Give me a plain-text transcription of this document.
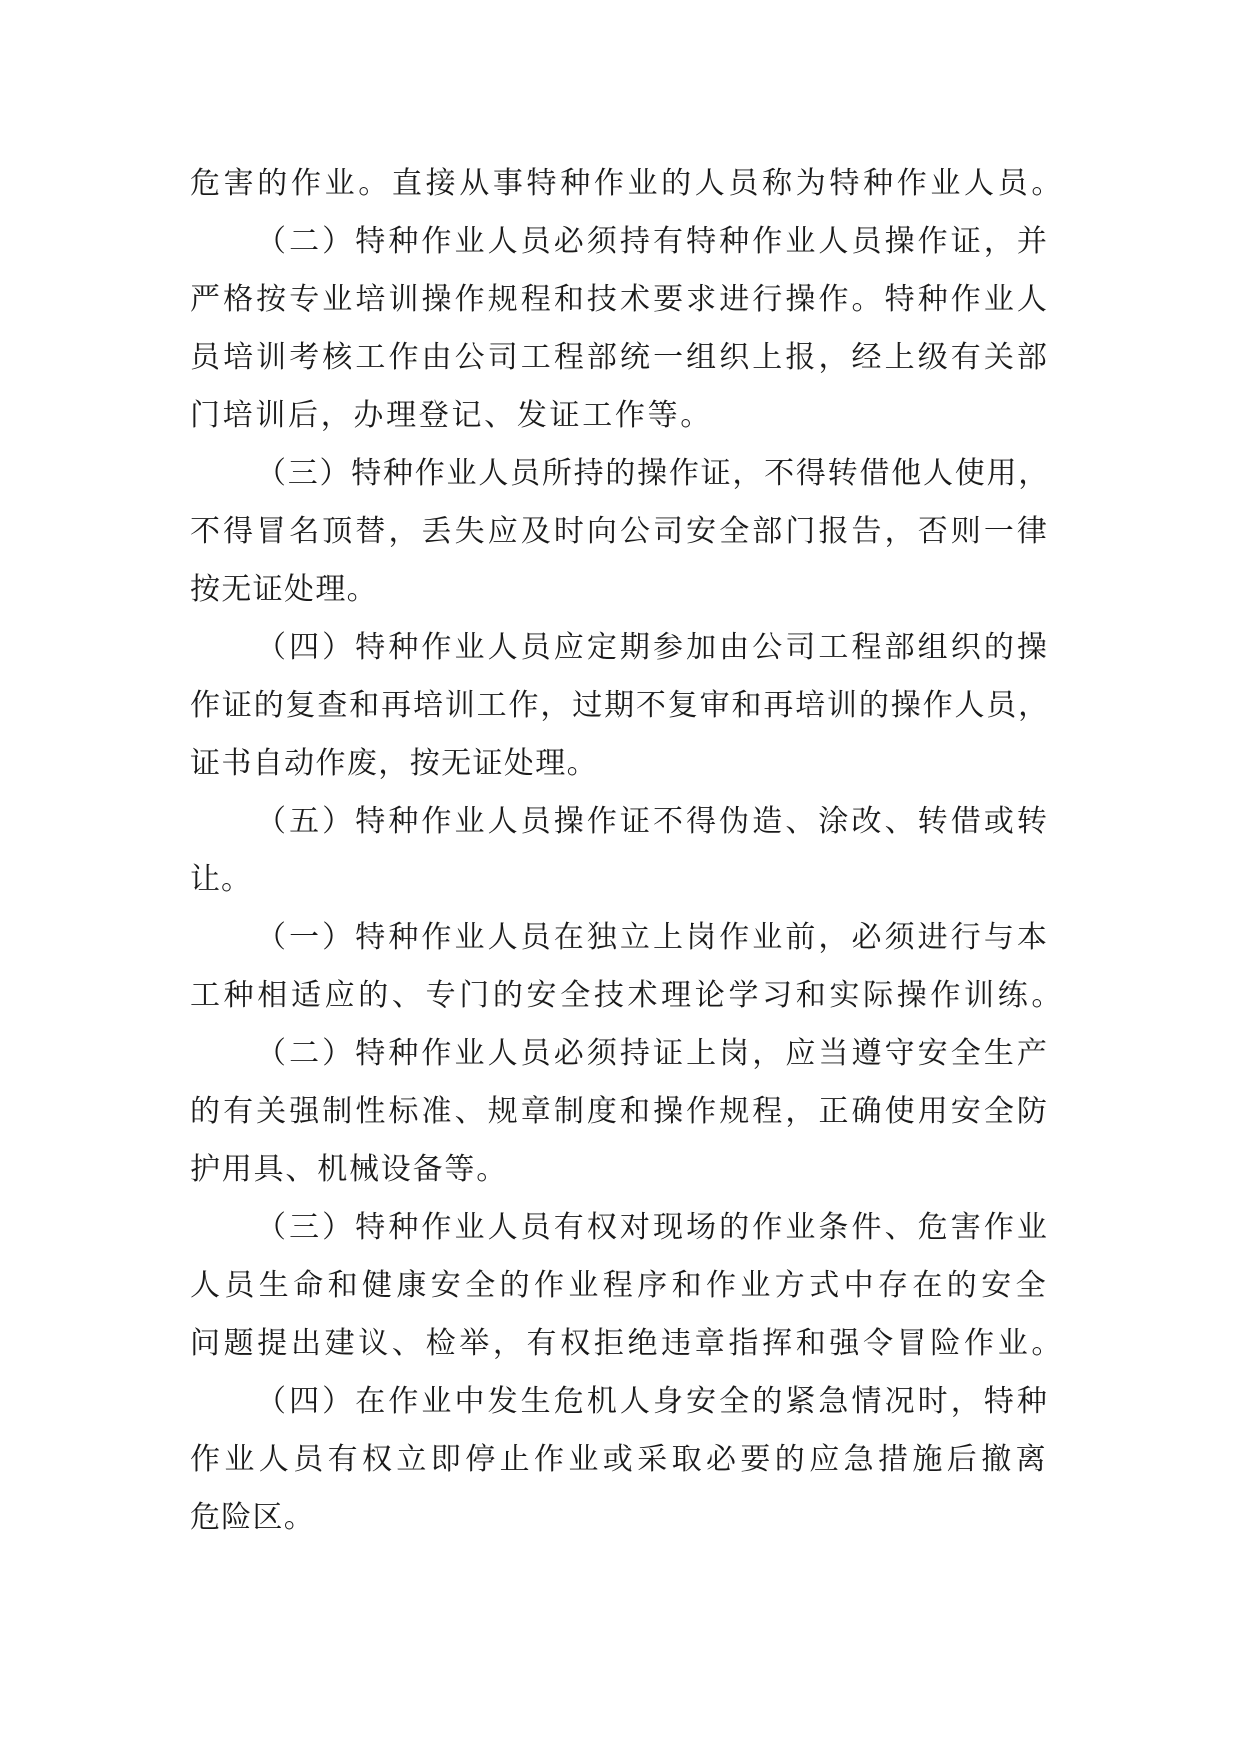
危害的作业。直接从事特种作业的人员称为特种作业人员。
（二）特种作业人员必须持有特种作业人员操作证，并
严格按专业培训操作规程和技术要求进行操作。特种作业人
员培训考核工作由公司工程部统一组织上报，经上级有关部
门培训后，办理登记、发证工作等。
（三）特种作业人员所持的操作证，不得转借他人使用，
不得冒名顶替，丢失应及时向公司安全部门报告，否则一律
按无证处理。
（四）特种作业人员应定期参加由公司工程部组织的操
作证的复查和再培训工作，过期不复审和再培训的操作人员，
证书自动作废，按无证处理。
（五）特种作业人员操作证不得伪造、涂改、转借或转
让。
（一）特种作业人员在独立上岗作业前，必须进行与本
工种相适应的、专门的安全技术理论学习和实际操作训练。
（二）特种作业人员必须持证上岗，应当遵守安全生产
的有关强制性标准、规章制度和操作规程，正确使用安全防
护用具、机械设备等。
（三）特种作业人员有权对现场的作业条件、危害作业
人员生命和健康安全的作业程序和作业方式中存在的安全
问题提出建议、检举，有权拒绝违章指挥和强令冒险作业。
（四）在作业中发生危机人身安全的紧急情况时，特种
作业人员有权立即停止作业或采取必要的应急措施后撤离
危险区。
